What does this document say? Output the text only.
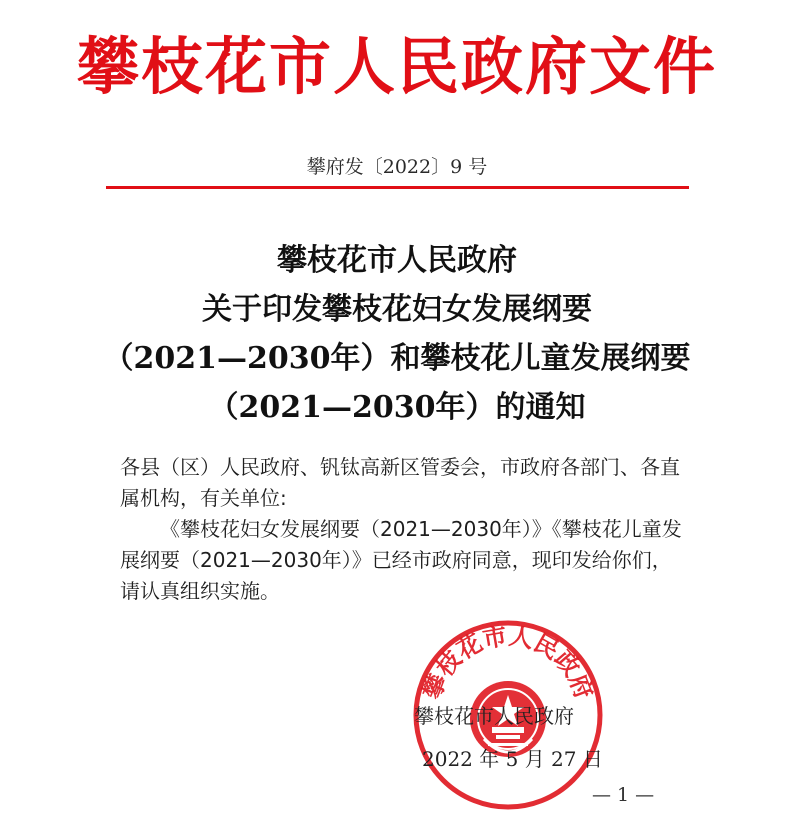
攀枝花市人民政府文件
攀府发〔2022〕9 号
攀枝花市人民政府
关于印发攀枝花妇女发展纲要
（2021—2030年）和攀枝花儿童发展纲要
（2021—2030年）的通知

各县（区）人民政府、钒钛高新区管委会，市政府各部门、各直属机构，有关单位:

《攀枝花妇女发展纲要（2021—2030年）》《攀枝花儿童发展纲要（2021—2030年）》已经市政府同意，现印发给你们，请认真组织实施。

攀枝花市人民政府
攀枝花市人民政府
2022 年 5 月 27 日
— 1 —
